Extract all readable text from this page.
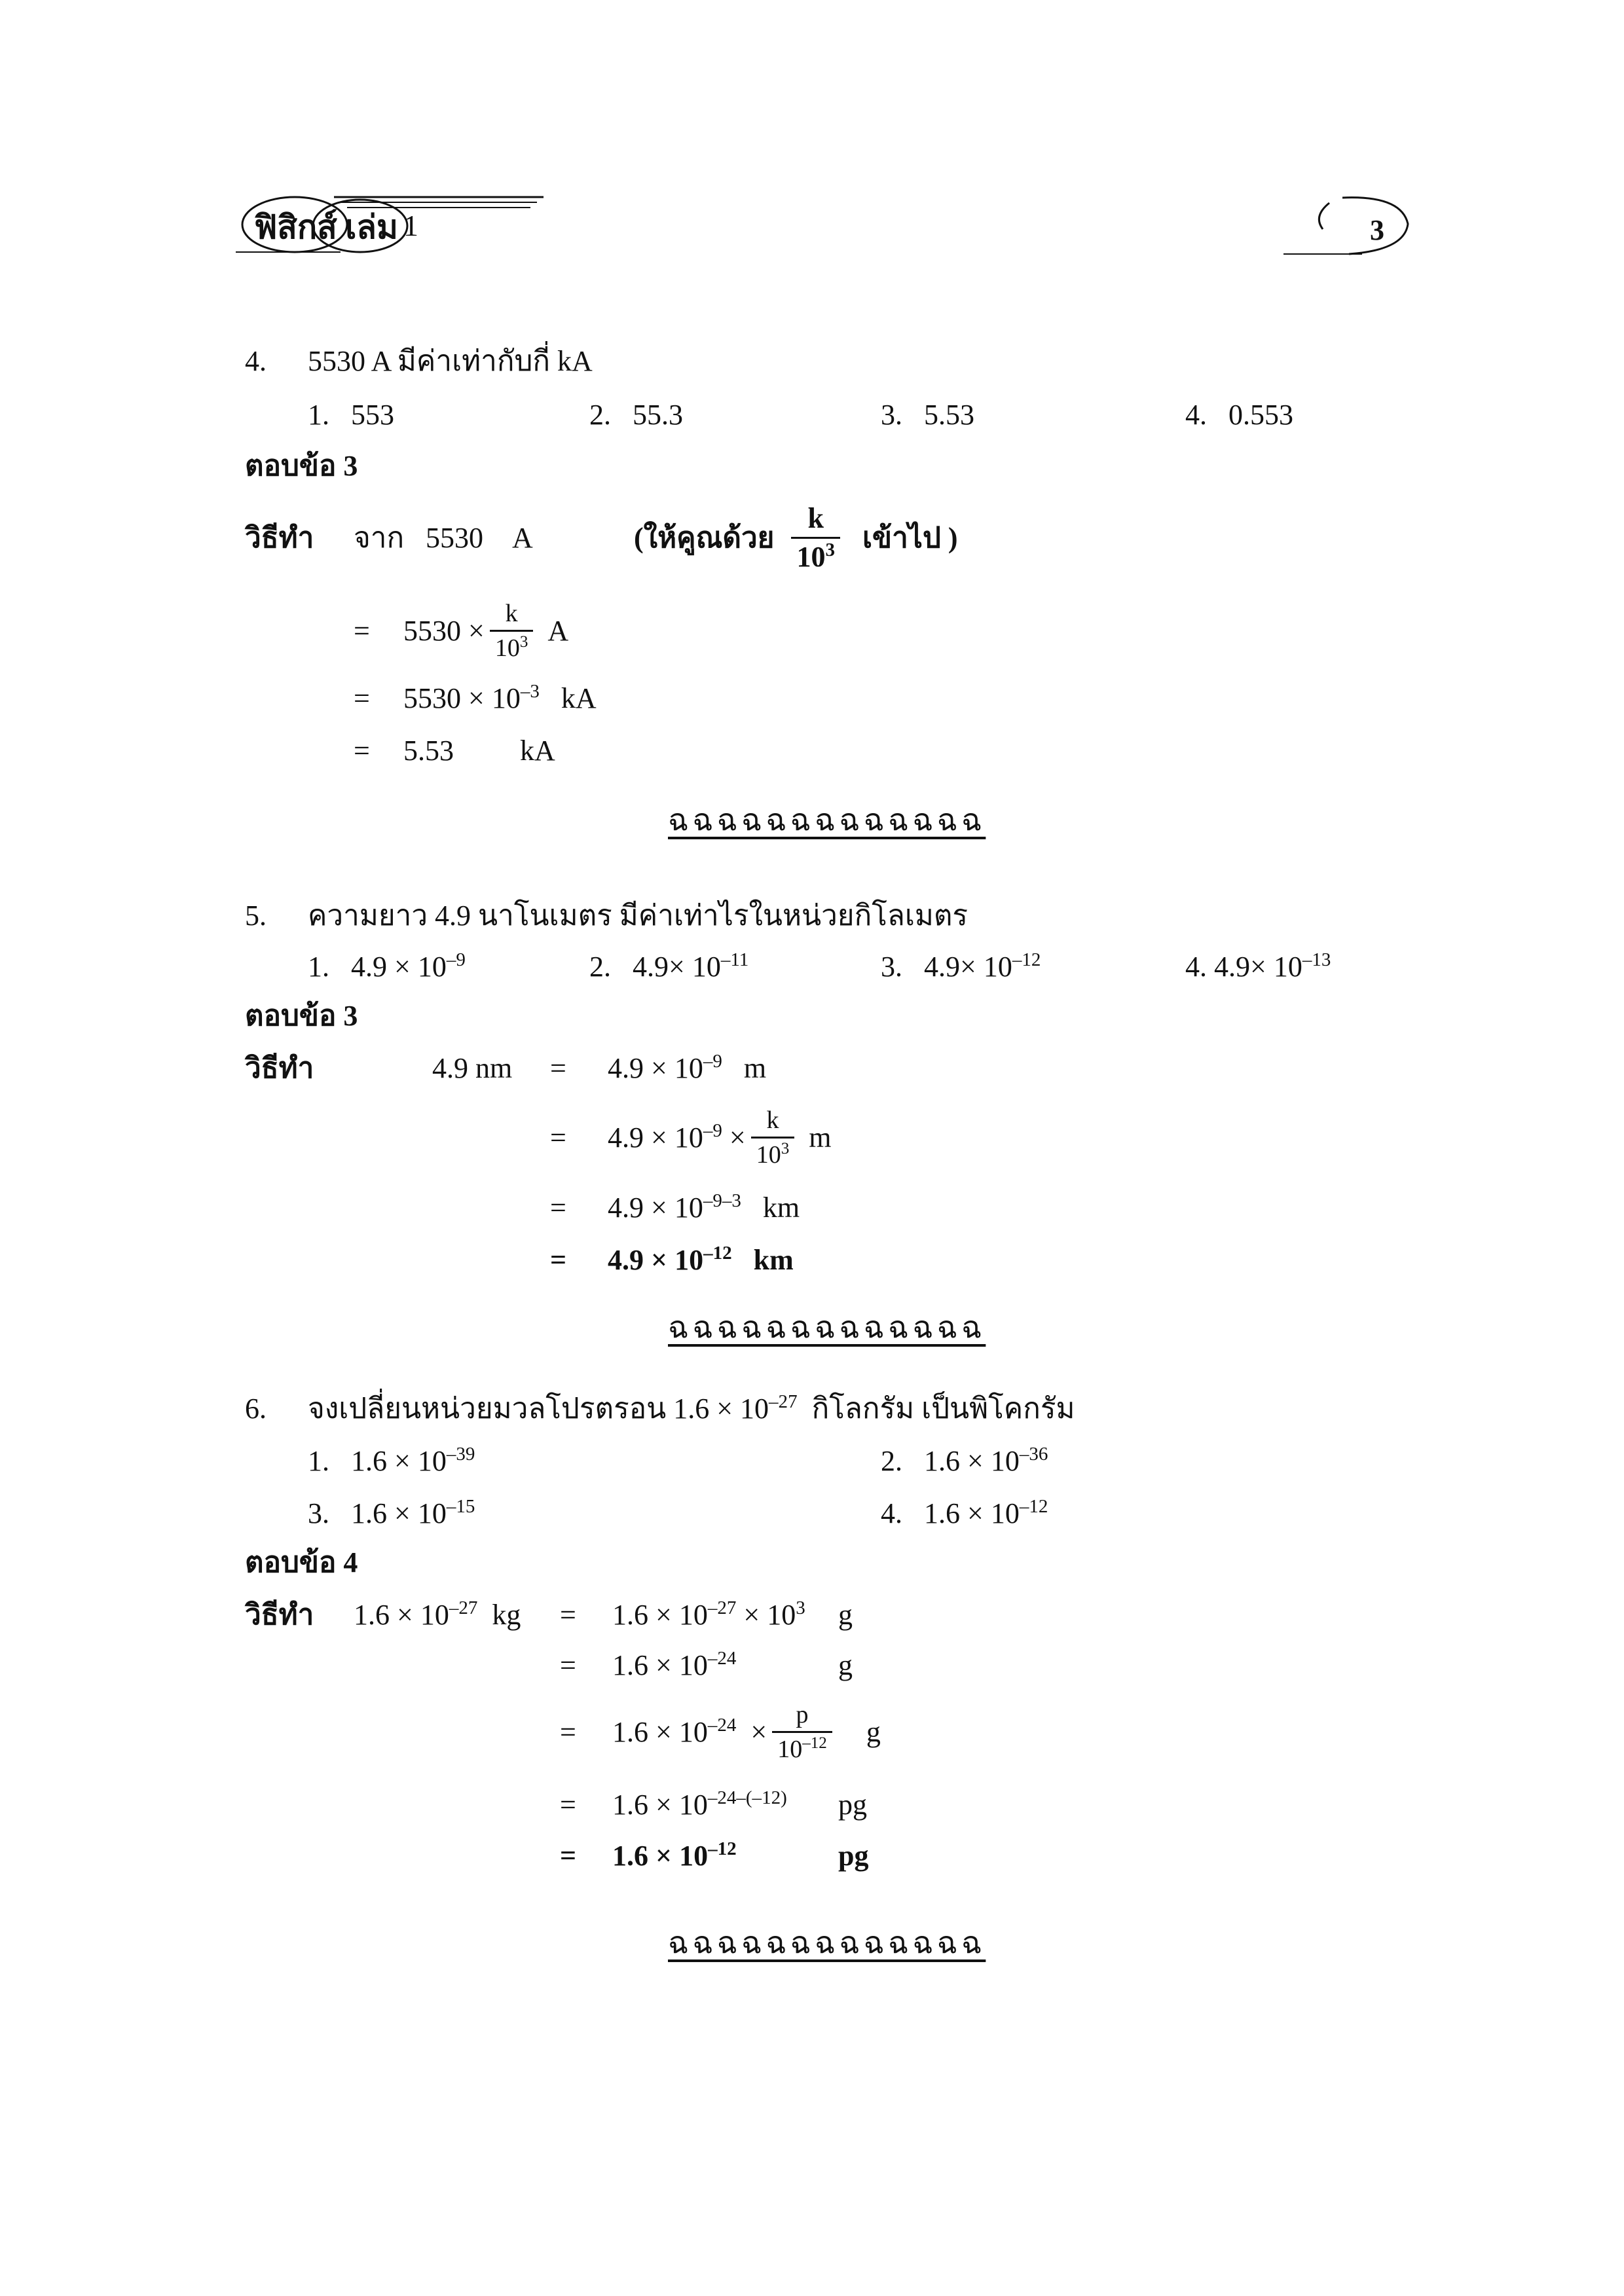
ฟิสิกส์ เล่ม 1	3
4. 5530 A มีค่าเท่ากับกี่ kA
1.   553	2.   55.3	3.   5.53	4.   0.553
ตอบข้อ 3
วิธีทำ จาก 5530 A	(ให้คูณด้วย $\frac{k}{10^3}$ เข้าไป )
=	$5530 \times \frac{k}{10^3}$ A
= $5530 \times 10^{-3}$ kA
= 5.53 kA
ฉฉฉฉฉฉฉฉฉฉฉฉฉ
5. ความยาว 4.9 นาโนเมตร มีค่าเท่าไรในหน่วยกิโลเมตร
1.   $4.9 \times 10^{-9}$	2.   $4.9\times 10^{-11}$	3.   $4.9\times 10^{-12}$	4. $4.9\times 10^{-13}$
ตอบข้อ 3
วิธีทำ	4.9 nm = $4.9 \times 10^{-9}$ m
=	$4.9 \times 10^{-9} \times \frac{k}{10^3}$ m
= $4.9 \times 10^{-9-3}$ km
= $4.9 \times 10^{-12}$ km
ฉฉฉฉฉฉฉฉฉฉฉฉฉ
6. จงเปลี่ยนหน่วยมวลโปรตรอน $1.6 \times 10^{-27}$ กิโลกรัม เป็นพิโคกรัม
1.   $1.6 \times 10^{-39}$	2.   $1.6 \times 10^{-36}$
3.   $1.6 \times 10^{-15}$	4.   $1.6 \times 10^{-12}$
ตอบข้อ 4
วิธีทำ $1.6 \times 10^{-27}$ kg = $1.6 \times 10^{-27} \times 10^3$ g
= $1.6 \times 10^{-24}$	g
=	$1.6 \times 10^{-24} \times \frac{p}{10^{-12}}$ g
= $1.6 \times 10^{-24-(-12)}$ pg
= $1.6 \times 10^{-12}$	pg
ฉฉฉฉฉฉฉฉฉฉฉฉฉ
